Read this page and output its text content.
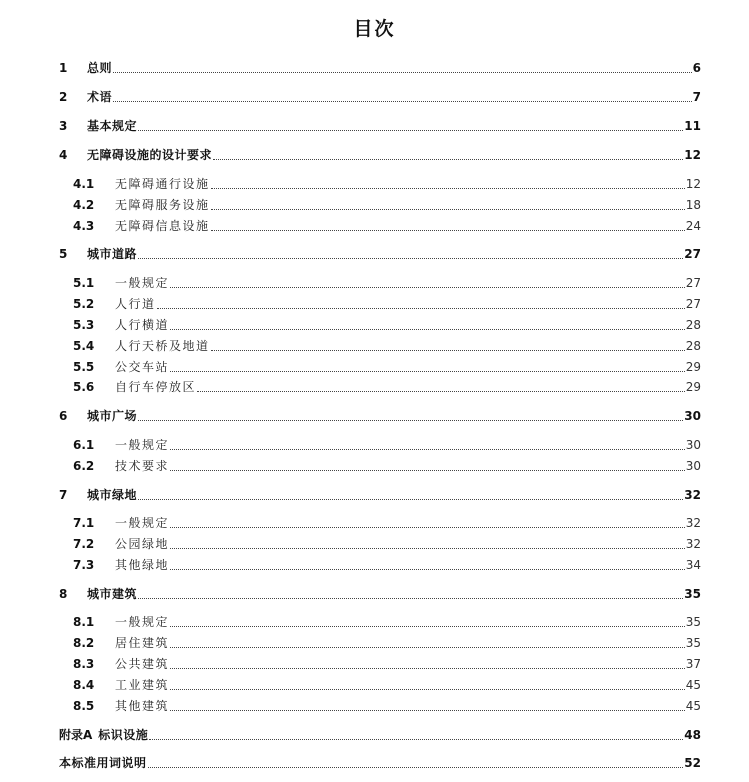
目次
1	总则	6
2	术语	7
3	基本规定	11
4	无障碍设施的设计要求	12
4.1	无障碍通行设施	12
4.2	无障碍服务设施	18
4.3	无障碍信息设施	24
5	城市道路	27
5.1	一般规定	27
5.2	人行道	27
5.3	人行横道	28
5.4	人行天桥及地道	28
5.5	公交车站	29
5.6	自行车停放区	29
6	城市广场	30
6.1	一般规定	30
6.2	技术要求	30
7	城市绿地	32
7.1	一般规定	32
7.2	公园绿地	32
7.3	其他绿地	34
8	城市建筑	35
8.1	一般规定	35
8.2	居住建筑	35
8.3	公共建筑	37
8.4	工业建筑	45
8.5	其他建筑	45
附录A 标识设施	48
本标准用词说明	52
